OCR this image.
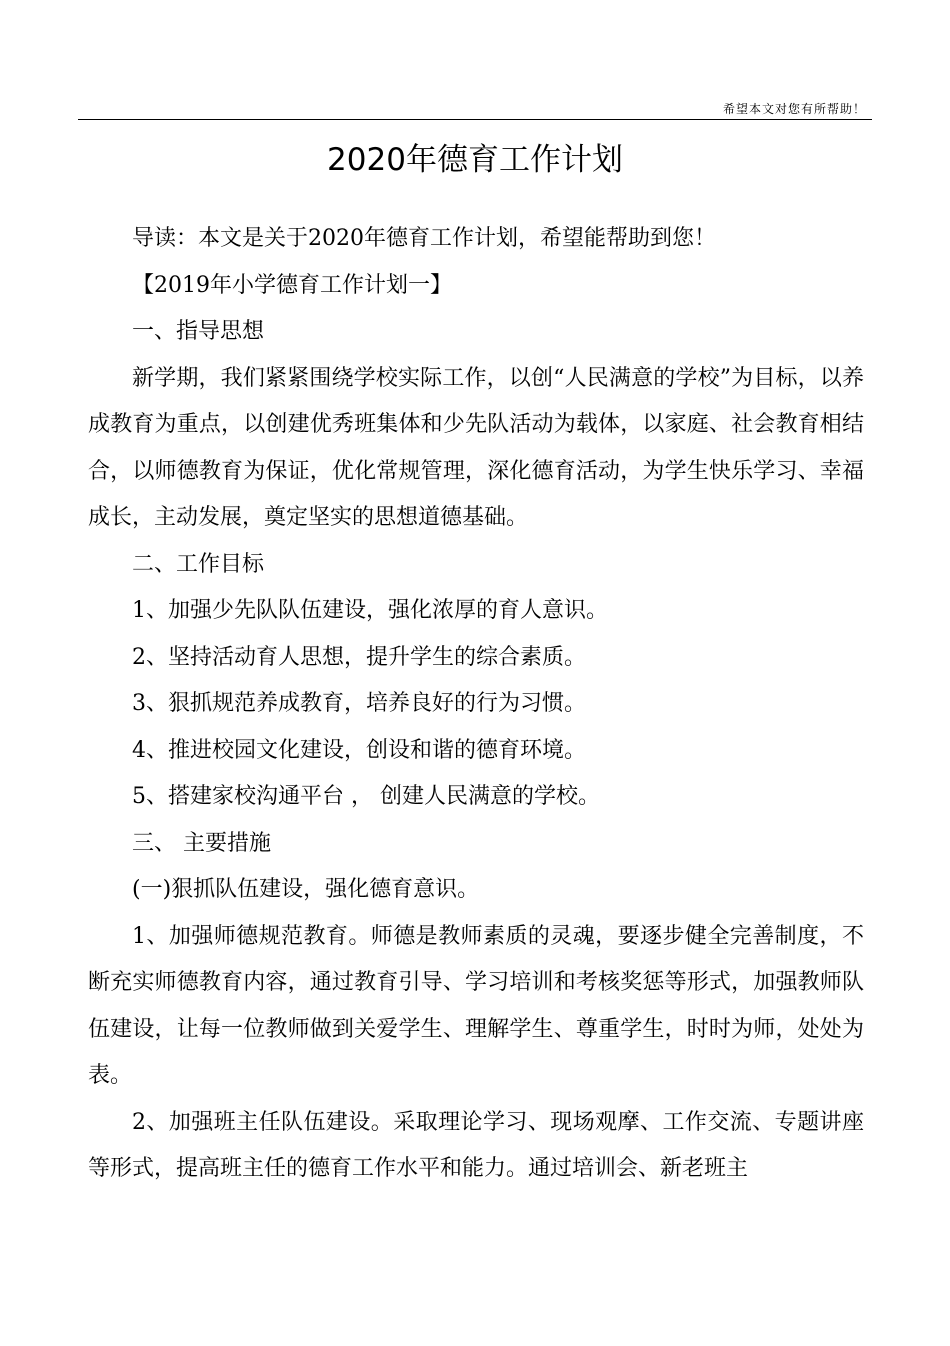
希望本文对您有所帮助！
2020年德育工作计划

导读：本文是关于2020年德育工作计划，希望能帮助到您！

【2019年小学德育工作计划一】

一、指导思想

新学期，我们紧紧围绕学校实际工作，以创“人民满意的学校”为目标，以养成教育为重点，以创建优秀班集体和少先队活动为载体，以家庭、社会教育相结合，以师德教育为保证，优化常规管理，深化德育活动，为学生快乐学习、幸福成长，主动发展，奠定坚实的思想道德基础。

二、工作目标

1、加强少先队队伍建设，强化浓厚的育人意识。

2、坚持活动育人思想，提升学生的综合素质。

3、狠抓规范养成教育，培养良好的行为习惯。

4、推进校园文化建设，创设和谐的德育环境。

5、搭建家校沟通平台 ， 创建人民满意的学校。

三、 主要措施

(一)狠抓队伍建设，强化德育意识。

1、加强师德规范教育。师德是教师素质的灵魂，要逐步健全完善制度，不断充实师德教育内容，通过教育引导、学习培训和考核奖惩等形式，加强教师队伍建设，让每一位教师做到关爱学生、理解学生、尊重学生，时时为师，处处为表。

2、加强班主任队伍建设。采取理论学习、现场观摩、工作交流、专题讲座等形式，提高班主任的德育工作水平和能力。通过培训会、新老班主
